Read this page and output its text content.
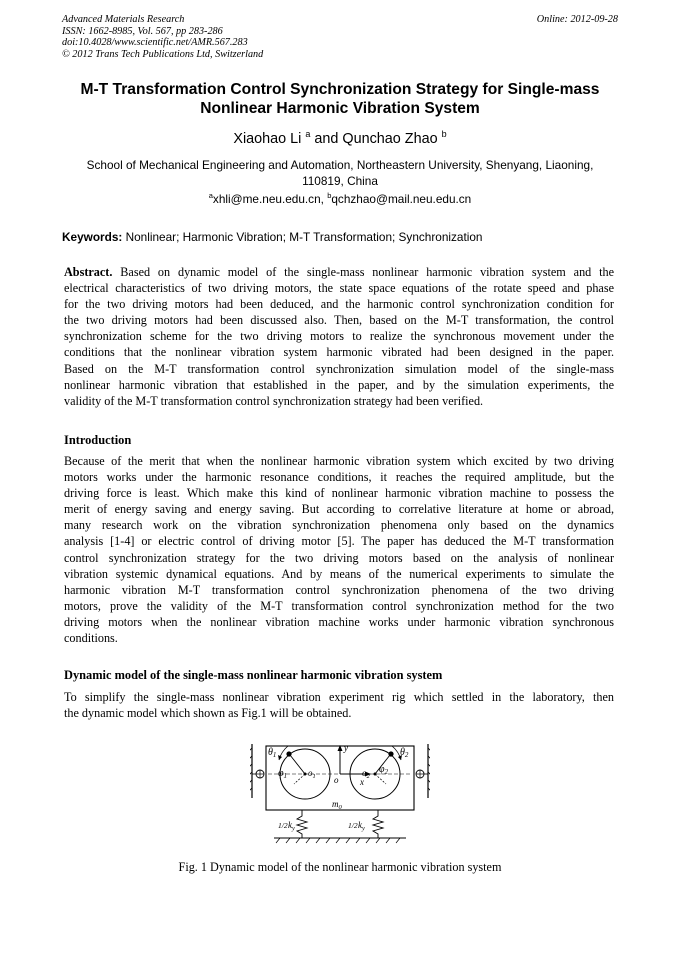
Advanced Materials Research
ISSN: 1662-8985, Vol. 567, pp 283-286
doi:10.4028/www.scientific.net/AMR.567.283
© 2012 Trans Tech Publications Ltd, Switzerland
Online: 2012-09-28
M-T Transformation Control Synchronization Strategy for Single-mass
Nonlinear Harmonic Vibration System
Xiaohao Li $^a$ and Qunchao Zhao $^b$
School of Mechanical Engineering and Automation, Northeastern University, Shenyang, Liaoning,
110819, China
$^a$xhli@me.neu.edu.cn, $^b$qchzhao@mail.neu.edu.cn
Keywords: Nonlinear; Harmonic Vibration; M-T Transformation; Synchronization
Abstract. Based on dynamic model of the single-mass nonlinear harmonic vibration system and the
electrical characteristics of two driving motors, the state space equations of the rotate speed and phase
for the two driving motors had been deduced, and the harmonic control synchronization condition for
the two driving motors had been discussed also. Then, based on the M-T transformation, the control
synchronization scheme for the two driving motors to realize the synchronous movement under the
conditions that the nonlinear vibration system harmonic vibrated had been designed in the paper.
Based on the M-T transformation control synchronization simulation model of the single-mass
nonlinear harmonic vibration that established in the paper, and by the simulation experiments, the
validity of the M-T transformation control synchronization strategy had been verified.
Introduction
Because of the merit that when the nonlinear harmonic vibration system which excited by two driving
motors works under the harmonic resonance conditions, it reaches the required amplitude, but the
driving force is least. Which make this kind of nonlinear harmonic vibration machine to possess the
merit of energy saving and energy saving. But according to correlative literature at home or abroad,
many research work on the vibration synchronization phenomena only based on the dynamics
analysis [1-4] or electric control of driving motor [5]. The paper has deduced the M-T transformation
control synchronization strategy for the two driving motors based on the analysis of nonlinear
vibration systemic dynamical equations. And by means of the numerical experiments to simulate the
harmonic vibration M-T transformation control synchronization phenomena of the two driving
motors, prove the validity of the M-T transformation control synchronization method for the two
driving motors when the nonlinear vibration machine works under harmonic vibration synchronous
conditions.
Dynamic model of the single-mass nonlinear harmonic vibration system
To simplify the single-mass nonlinear vibration experiment rig which settled in the laboratory, then
the dynamic model which shown as Fig.1 will be obtained.
$\theta_1$
$\varphi_1$ $o_1$ o
y
x
$o_2$
$\varphi_2$
$\theta_2$
$m_0$
1/2 $k_y$	1/2 $k_y$
Fig. 1 Dynamic model of the nonlinear harmonic vibration system
